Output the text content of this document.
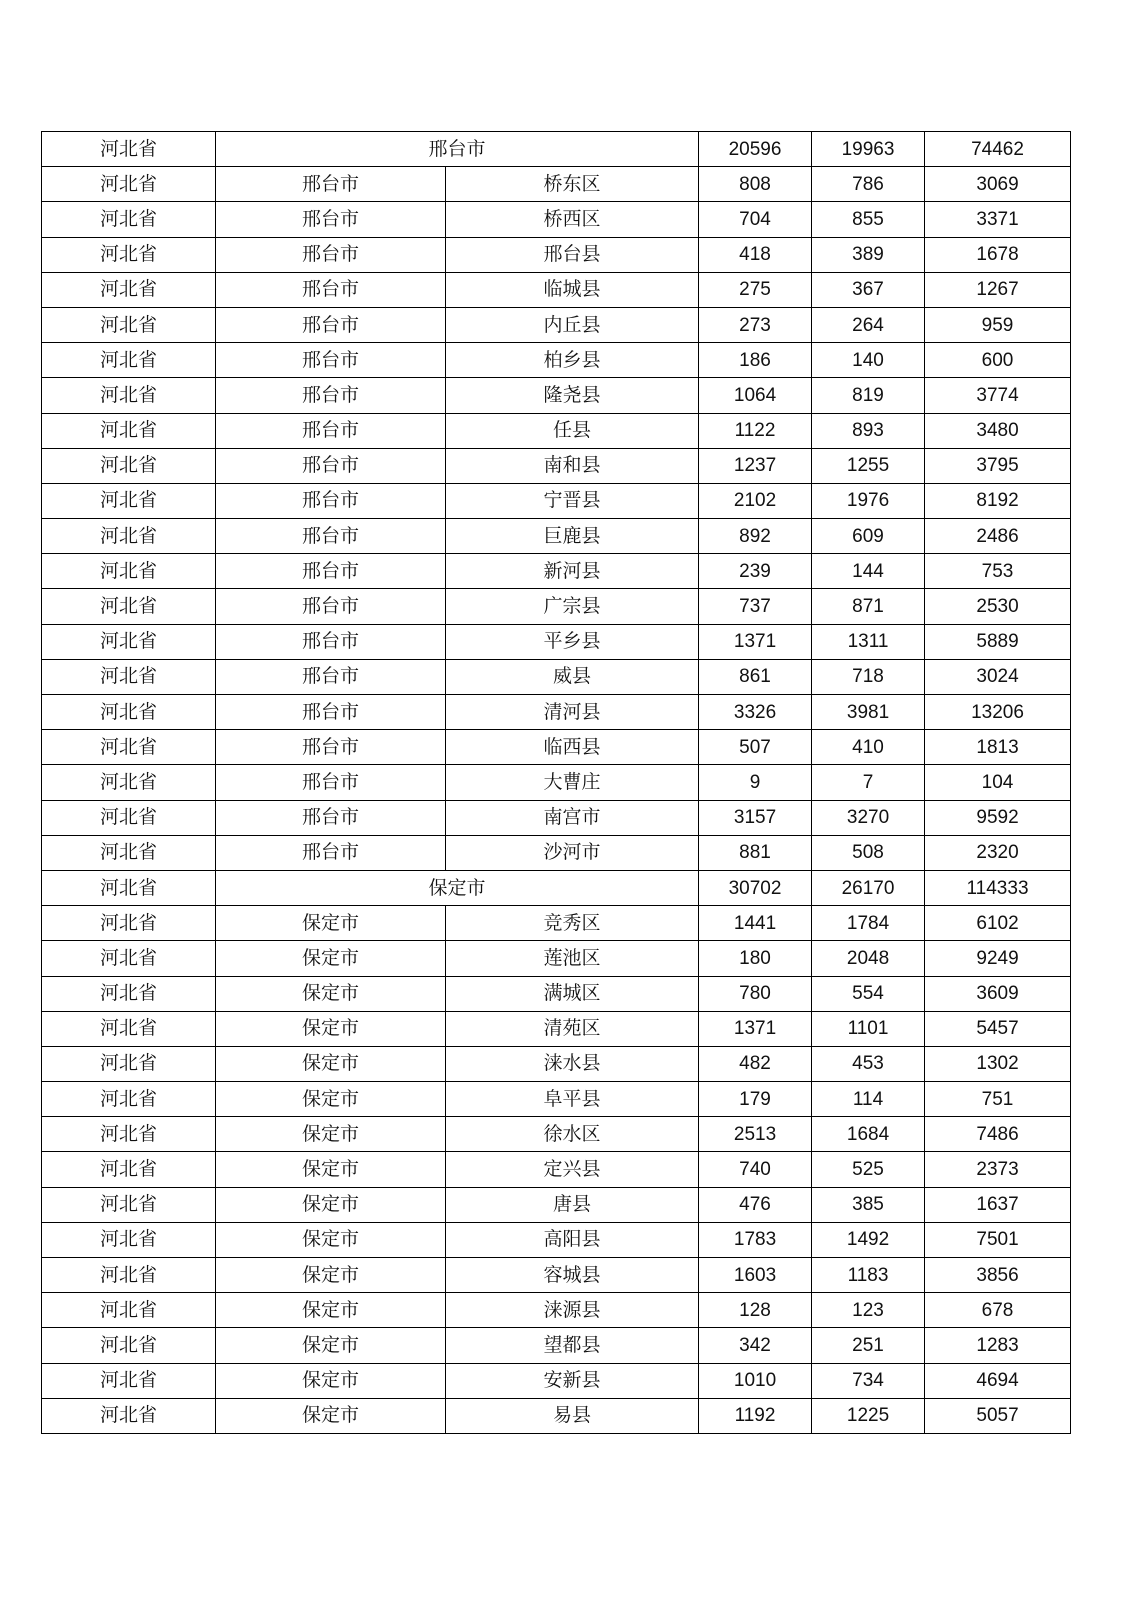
河北省	邢台市		20596	19963	74462
河北省	邢台市	桥东区	808	786	3069
河北省	邢台市	桥西区	704	855	3371
河北省	邢台市	邢台县	418	389	1678
河北省	邢台市	临城县	275	367	1267
河北省	邢台市	内丘县	273	264	959
河北省	邢台市	柏乡县	186	140	600
河北省	邢台市	隆尧县	1064	819	3774
河北省	邢台市	任县	1122	893	3480
河北省	邢台市	南和县	1237	1255	3795
河北省	邢台市	宁晋县	2102	1976	8192
河北省	邢台市	巨鹿县	892	609	2486
河北省	邢台市	新河县	239	144	753
河北省	邢台市	广宗县	737	871	2530
河北省	邢台市	平乡县	1371	1311	5889
河北省	邢台市	威县	861	718	3024
河北省	邢台市	清河县	3326	3981	13206
河北省	邢台市	临西县	507	410	1813
河北省	邢台市	大曹庄	9	7	104
河北省	邢台市	南宫市	3157	3270	9592
河北省	邢台市	沙河市	881	508	2320
河北省	保定市		30702	26170	114333
河北省	保定市	竞秀区	1441	1784	6102
河北省	保定市	莲池区	180	2048	9249
河北省	保定市	满城区	780	554	3609
河北省	保定市	清苑区	1371	1101	5457
河北省	保定市	涞水县	482	453	1302
河北省	保定市	阜平县	179	114	751
河北省	保定市	徐水区	2513	1684	7486
河北省	保定市	定兴县	740	525	2373
河北省	保定市	唐县	476	385	1637
河北省	保定市	高阳县	1783	1492	7501
河北省	保定市	容城县	1603	1183	3856
河北省	保定市	涞源县	128	123	678
河北省	保定市	望都县	342	251	1283
河北省	保定市	安新县	1010	734	4694
河北省	保定市	易县	1192	1225	5057
